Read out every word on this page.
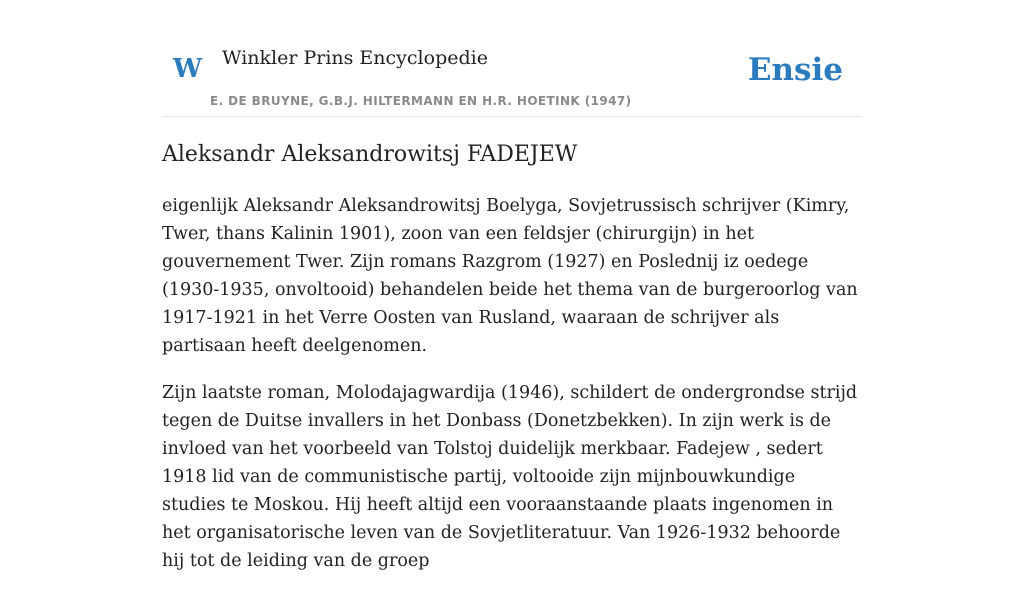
W Winkler Prins Encyclopedie
E. DE BRUYNE, G.B.J. HILTERMANN EN H.R. HOETINK (1947)
Ensie
Aleksandr Aleksandrowitsj FADEJEW

eigenlijk Aleksandr Aleksandrowitsj Boelyga, Sovjetrussisch schrijver (Kimry, Twer, thans Kalinin 1901), zoon van een feldsjer (chirurgijn) in het gouvernement Twer. Zijn romans Razgrom (1927) en Poslednij iz oedege (1930-1935, onvoltooid) behandelen beide het thema van de burgeroorlog van 1917-1921 in het Verre Oosten van Rusland, waaraan de schrijver als partisaan heeft deelgenomen.

Zijn laatste roman, Molodajagwardija (1946), schildert de ondergrondse strijd tegen de Duitse invallers in het Donbass (Donetzbekken). In zijn werk is de invloed van het voorbeeld van Tolstoj duidelijk merkbaar. Fadejew , sedert 1918 lid van de communistische partij, voltooide zijn mijnbouwkundige studies te Moskou. Hij heeft altijd een vooraanstaande plaats ingenomen in het organisatorische leven van de Sovjetliteratuur. Van 1926-1932 behoorde hij tot de leiding van de groep
